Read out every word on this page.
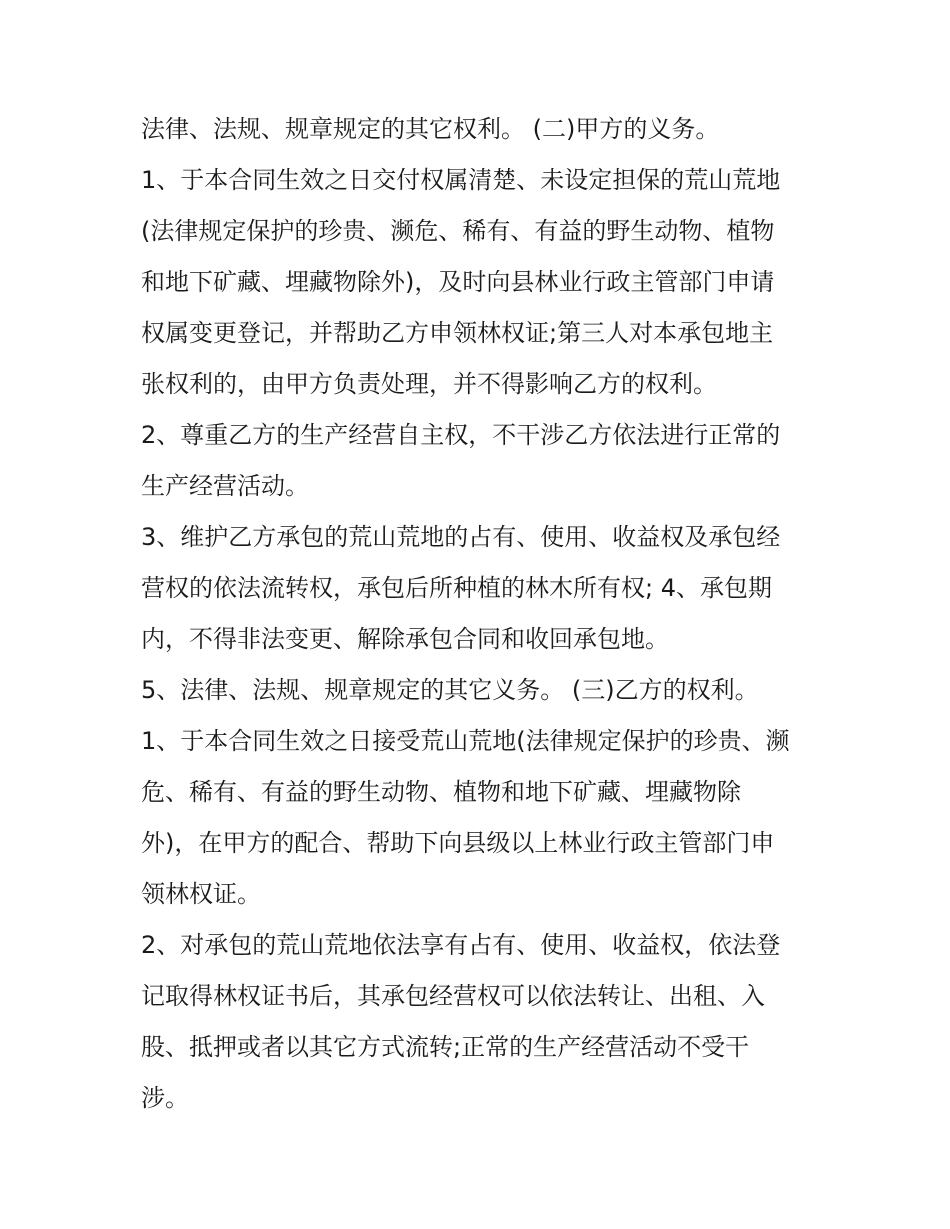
法律、法规、规章规定的其它权利。 (二)甲方的义务。
1、于本合同生效之日交付权属清楚、未设定担保的荒山荒地
(法律规定保护的珍贵、濒危、稀有、有益的野生动物、植物
和地下矿藏、埋藏物除外)，及时向县林业行政主管部门申请
权属变更登记，并帮助乙方申领林权证;第三人对本承包地主
张权利的，由甲方负责处理，并不得影响乙方的权利。
2、尊重乙方的生产经营自主权，不干涉乙方依法进行正常的
生产经营活动。
3、维护乙方承包的荒山荒地的占有、使用、收益权及承包经
营权的依法流转权，承包后所种植的林木所有权; 4、承包期
内，不得非法变更、解除承包合同和收回承包地。
5、法律、法规、规章规定的其它义务。 (三)乙方的权利。
1、于本合同生效之日接受荒山荒地(法律规定保护的珍贵、濒
危、稀有、有益的野生动物、植物和地下矿藏、埋藏物除
外)，在甲方的配合、帮助下向县级以上林业行政主管部门申
领林权证。
2、对承包的荒山荒地依法享有占有、使用、收益权，依法登
记取得林权证书后，其承包经营权可以依法转让、出租、入
股、抵押或者以其它方式流转;正常的生产经营活动不受干
涉。
